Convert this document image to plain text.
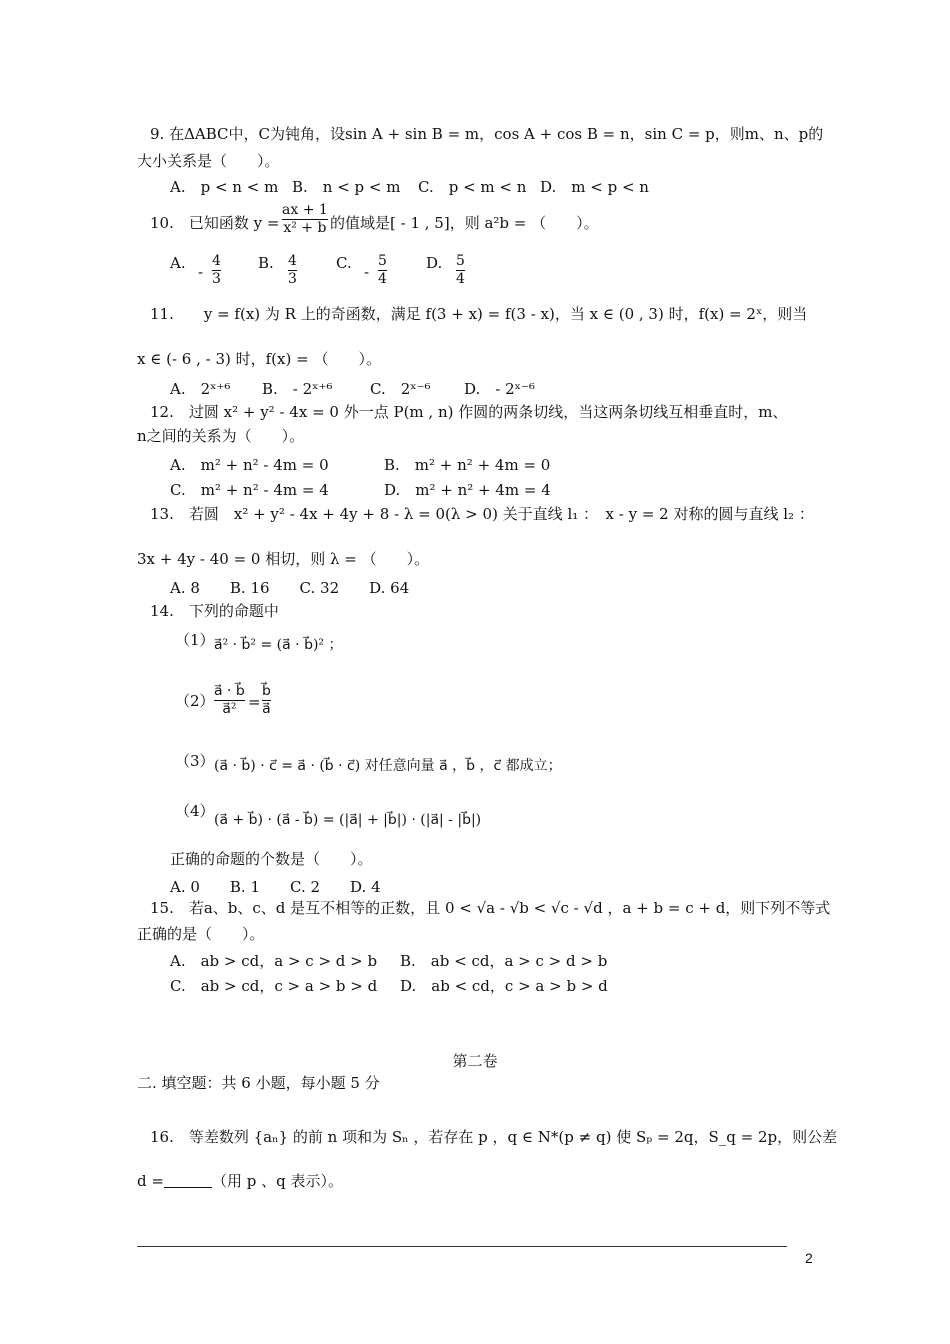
9. 在ΔABC中，C为钝角，设sin A + sin B = m，cos A + cos B = n，sin C = p，则m、n、p的
大小关系是（　　）。
A.　p < n < m B.　n < p < m C.　p < m < n D.　m < p < n
10.　已知函数 y =
ax + 1
x² + b 的值域是[ - 1 , 5]，则 a²b = （　　）。
A. -
4
3
B. 4
3
C. -
5
4
D. 5
4
11.　　y = f(x) 为 R 上的奇函数，满足 f(3 + x) = f(3 - x)，当 x ∈ (0 , 3) 时，f(x) = 2ˣ，则当
x ∈ (- 6 , - 3) 时，f(x) = （　　）。
A.　2ˣ⁺⁶ B.　- 2ˣ⁺⁶	C.　2ˣ⁻⁶ D.　- 2ˣ⁻⁶
12.　过圆 x² + y² - 4x = 0 外一点 P(m , n) 作圆的两条切线，当这两条切线互相垂直时，m、
n之间的关系为（　　）。
A.　m² + n² - 4m = 0	B.　m² + n² + 4m = 0
C.　m² + n² - 4m = 4	D.　m² + n² + 4m = 4
13.　若圆　x² + y² - 4x + 4y + 8 - λ = 0(λ > 0) 关于直线 l₁ ：　x - y = 2 对称的圆与直线 l₂ ：
3x + 4y - 40 = 0 相切，则 λ = （　　）。
A. 8　　B. 16　　C. 32　　D. 64
14.　下列的命题中
（1） a⃗² · b⃗² = (a⃗ · b⃗)² ；
（2）
a⃗ · b⃗
a⃗² =
b⃗
a⃗
（3） (a⃗ · b⃗) · c⃗ = a⃗ · (b⃗ · c⃗) 对任意向量 a⃗ ，b⃗ ，c⃗ 都成立；
（4） (a⃗ + b⃗) · (a⃗ - b⃗) = (|a⃗| + |b⃗|) · (|a⃗| - |b⃗|)
正确的命题的个数是（　　）。
A. 0　　B. 1　　C. 2　　D. 4
15.　若a、b、c、d 是互不相等的正数，且 0 < √a - √b < √c - √d ，a + b = c + d，则下列不等式
正确的是（　　）。
A.　ab > cd，a > c > d > b B.　ab < cd，a > c > d > b
C.　ab > cd，c > a > b > d D.　ab < cd，c > a > b > d
第二卷
二. 填空题：共 6 小题，每小题 5 分
16.　等差数列 {aₙ} 的前 n 项和为 Sₙ ，若存在 p ，q ∈ N*(p ≠ q) 使 Sₚ = 2q，S_q = 2p，则公差
d =	（用 p 、q 表示）。
2
